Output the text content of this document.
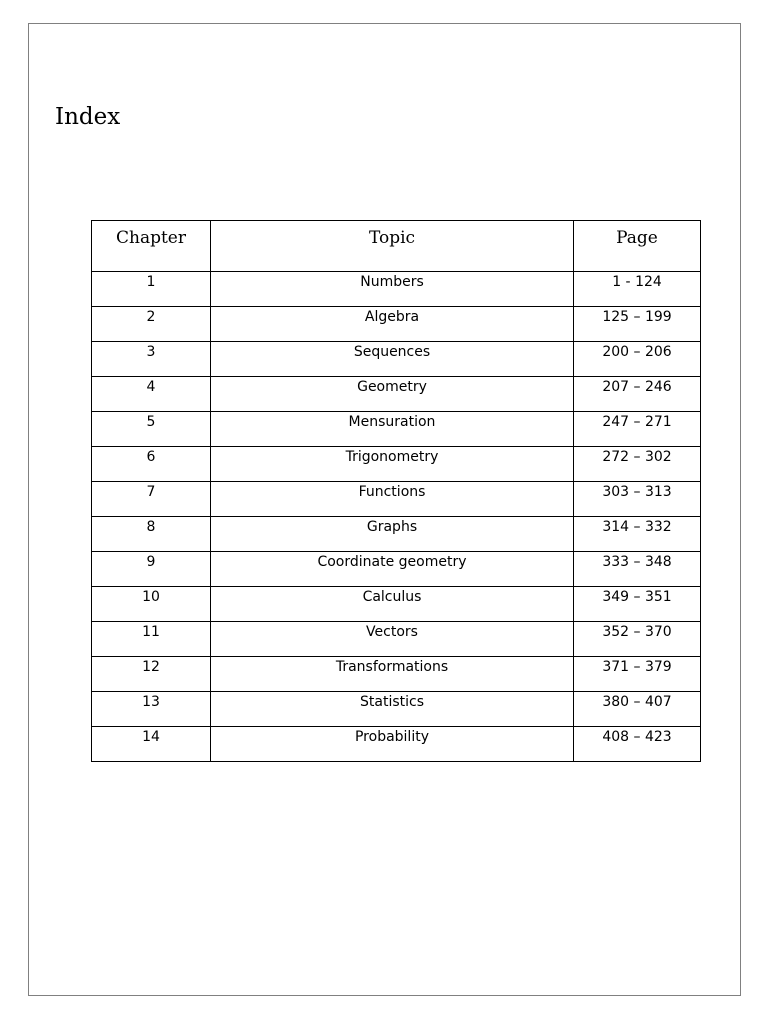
Index
Chapter	Topic	Page
1	Numbers	1 - 124
2	Algebra	125 – 199
3	Sequences	200 – 206
4	Geometry	207 – 246
5	Mensuration	247 – 271
6	Trigonometry	272 – 302
7	Functions	303 – 313
8	Graphs	314 – 332
9	Coordinate geometry	333 – 348
10	Calculus	349 – 351
11	Vectors	352 – 370
12	Transformations	371 – 379
13	Statistics	380 – 407
14	Probability	408 – 423
